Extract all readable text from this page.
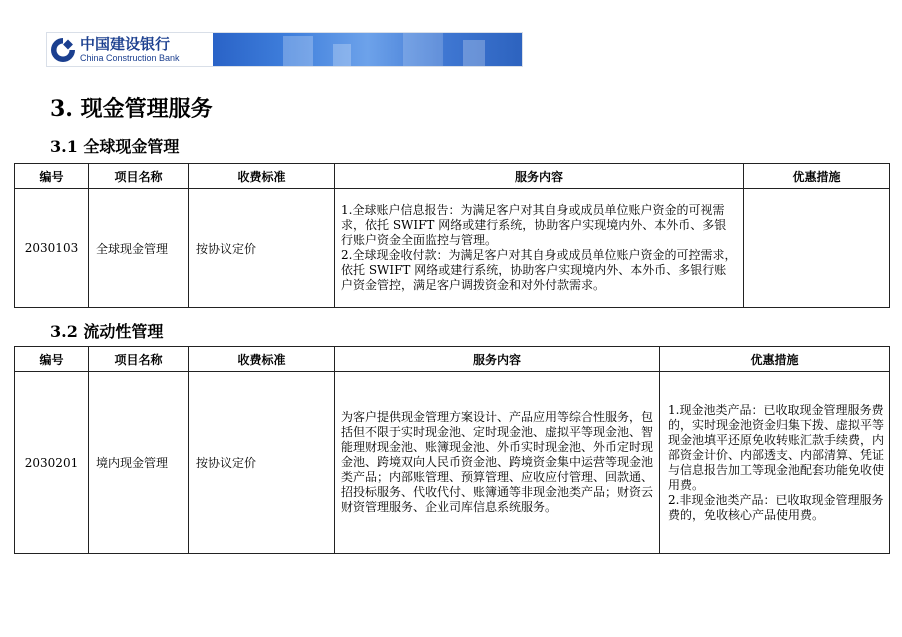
中国建设银行
China Construction Bank
3. 现金管理服务
3.1 全球现金管理
编号	项目名称	收费标准	服务内容	优惠措施
2030103	全球现金管理	按协议定价	1.全球账户信息报告：为满足客户对其自身或成员单位账户资金的可视需求，依托 SWIFT 网络或建行系统，协助客户实现境内外、本外币、多银行账户资金全面监控与管理。

2.全球现金收付款：为满足客户对其自身或成员单位账户资金的可控需求，依托 SWIFT 网络或建行系统，协助客户实现境内外、本外币、多银行账户资金管控，满足客户调拨资金和对外付款需求。	

3.2 流动性管理
编号	项目名称	收费标准	服务内容	优惠措施
2030201	境内现金管理	按协议定价	为客户提供现金管理方案设计、产品应用等综合性服务，包括但不限于实时现金池、定时现金池、虚拟平等现金池、智能理财现金池、账簿现金池、外币实时现金池、外币定时现金池、跨境双向人民币资金池、跨境资金集中运营等现金池类产品；内部账管理、预算管理、应收应付管理、回款通、招投标服务、代收代付、账簿通等非现金池类产品；财资云财资管理服务、企业司库信息系统服务。	1.现金池类产品：已收取现金管理服务费的，实时现金池资金归集下拨、虚拟平等现金池填平还原免收转账汇款手续费，内部资金计价、内部透支、内部清算、凭证与信息报告加工等现金池配套功能免收使用费。

2.非现金池类产品：已收取现金管理服务费的，免收核心产品使用费。
